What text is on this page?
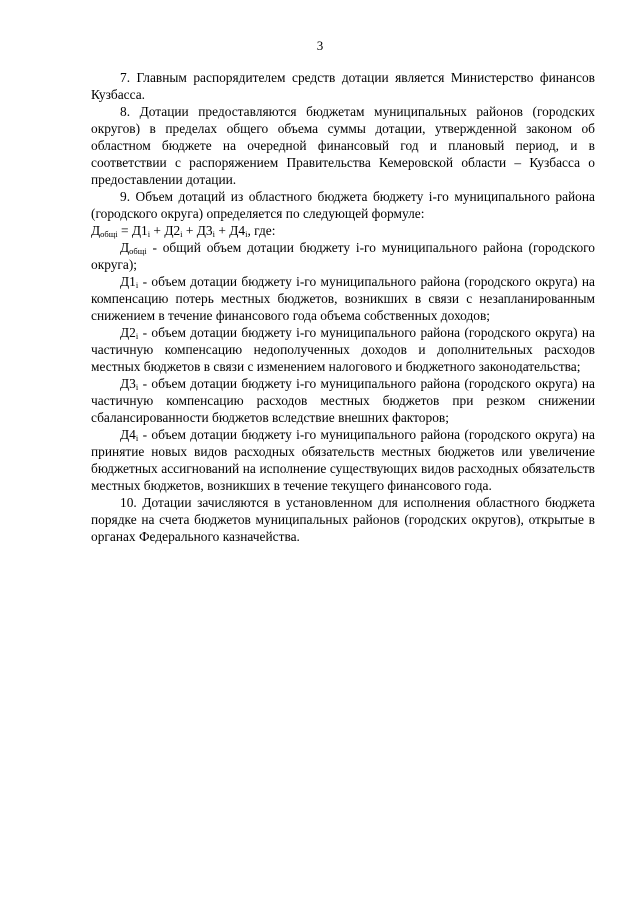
3

7. Главным распорядителем средств дотации является Министерство финансов Кузбасса.

8. Дотации предоставляются бюджетам муниципальных районов (городских округов) в пределах общего объема суммы дотации, утвержденной законом об областном бюджете на очередной финансовый год и плановый период, и в соответствии с распоряжением Правительства Кемеровской области – Кузбасса о предоставлении дотации.

9. Объем дотаций из областного бюджета бюджету i-го муниципального района (городского округа) определяется по следующей формуле:

$Д_{общi} = Д1_i + Д2_i + Д3_i + Д4_i$, где:

$Д_{общi}$ - общий объем дотации бюджету i-го муниципального района (городского округа);

$Д1_i$ - объем дотации бюджету i-го муниципального района (городского округа) на компенсацию потерь местных бюджетов, возникших в связи с незапланированным снижением в течение финансового года объема собственных доходов;

$Д2_i$ - объем дотации бюджету i-го муниципального района (городского округа) на частичную компенсацию недополученных доходов и дополнительных расходов местных бюджетов в связи с изменением налогового и бюджетного законодательства;

$Д3_i$ - объем дотации бюджету i-го муниципального района (городского округа) на частичную компенсацию расходов местных бюджетов при резком снижении сбалансированности бюджетов вследствие внешних факторов;

$Д4_i$ - объем дотации бюджету i-го муниципального района (городского округа) на принятие новых видов расходных обязательств местных бюджетов или увеличение бюджетных ассигнований на исполнение существующих видов расходных обязательств местных бюджетов, возникших в течение текущего финансового года.

10. Дотации зачисляются в установленном для исполнения областного бюджета порядке на счета бюджетов муниципальных районов (городских округов), открытые в органах Федерального казначейства.
